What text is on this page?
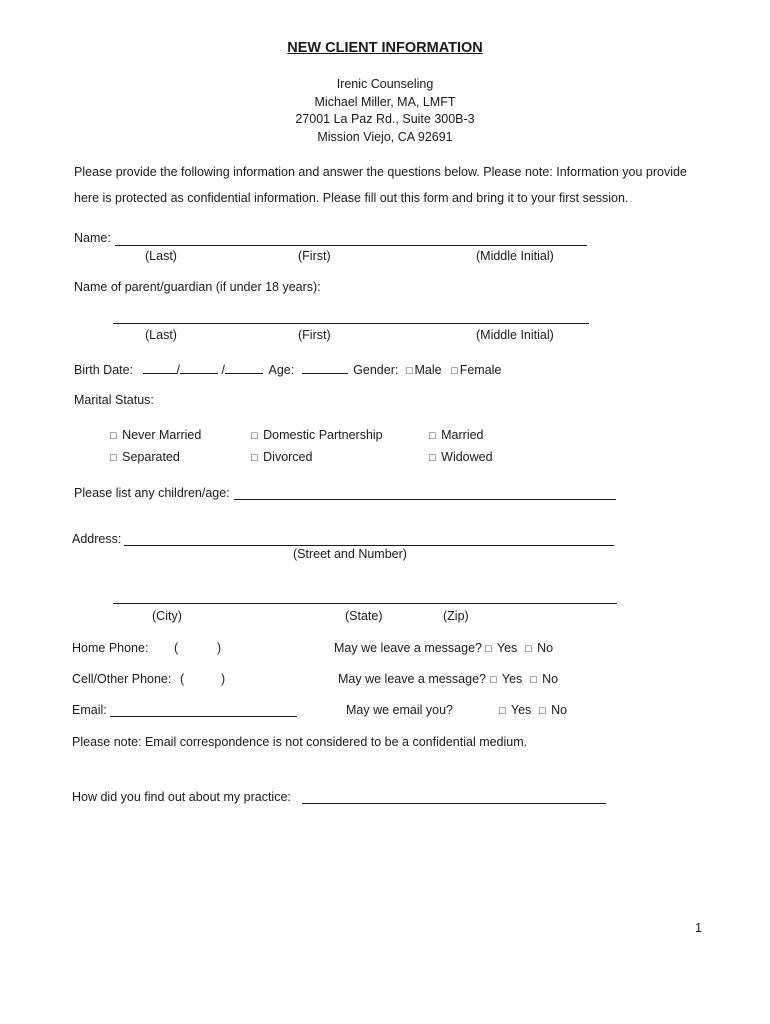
NEW CLIENT INFORMATION
Irenic Counseling
Michael Miller, MA, LMFT
27001 La Paz Rd., Suite 300B-3
Mission Viejo, CA 92691
Please provide the following information and answer the questions below. Please note: Information you provide
here is protected as confidential information. Please fill out this form and bring it to your first session.
Name:
(Last)	(First)	(Middle Initial)
Name of parent/guardian (if under 18 years):
(Last)	(First)	(Middle Initial)
Birth Date:	/	/	Age:	Gender: □ Male □ Female
Marital Status:
□ Never Married	□ Domestic Partnership	□ Married
□ Separated	□ Divorced	□ Widowed
Please list any children/age:
Address:
(Street and Number)
(City)	(State)	(Zip)
Home Phone: (	)	May we leave a message? □ Yes □ No
Cell/Other Phone: (	)	May we leave a message? □ Yes □ No
Email:	May we email you?	□ Yes □ No
Please note: Email correspondence is not considered to be a confidential medium.
How did you find out about my practice:
1
